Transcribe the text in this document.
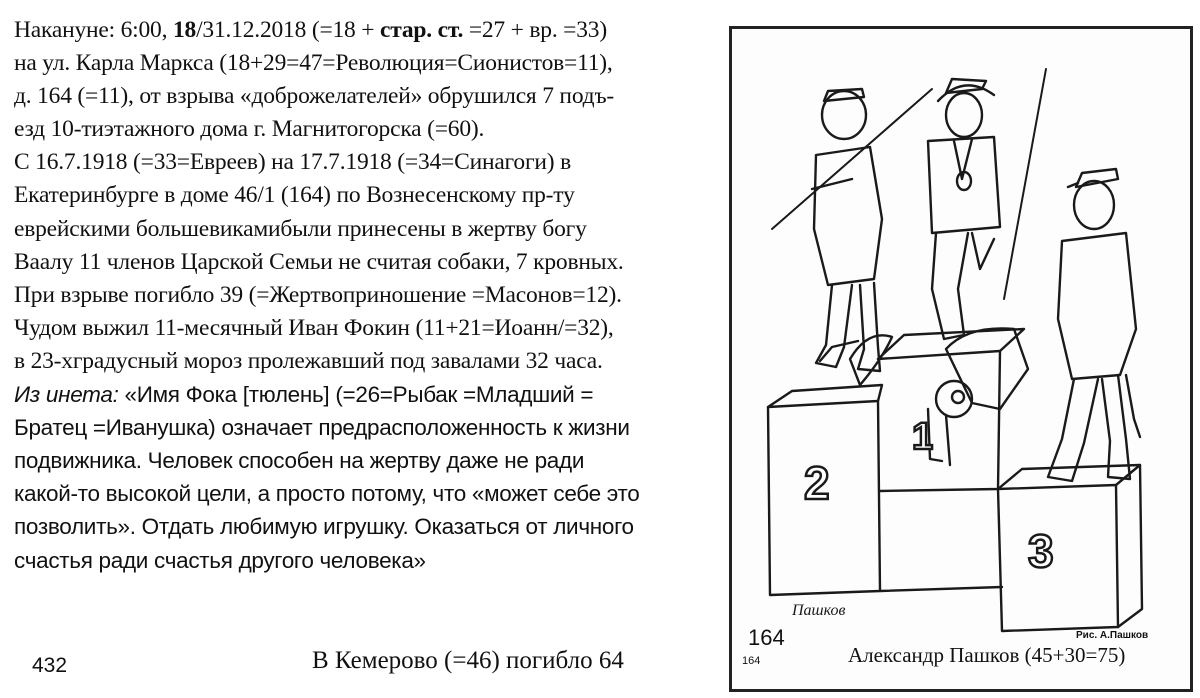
Накануне: 6:00, 18/31.12.2018 (=18 + стар. ст. =27 + вр. =33)
на ул. Карла Маркса (18+29=47=Революция=Сионистов=11),
д. 164 (=11), от взрыва «доброжелателей» обрушился 7 подъ-
езд 10-тиэтажного дома г. Магнитогорска (=60).
С 16.7.1918 (=33=Евреев) на 17.7.1918 (=34=Синагоги) в
Екатеринбурге в доме 46/1 (164) по Вознесенскому пр-ту
еврейскими большевикамибыли принесены в жертву богу
Ваалу 11 членов Царской Семьи не считая собаки, 7 кровных.
При взрыве погибло 39 (=Жертвоприношение =Масонов=12).
Чудом выжил 11-месячный Иван Фокин (11+21=Иоанн/=32),
в 23-хградусный мороз пролежавший под завалами 32 часа.
Из инета: «Имя Фока [тюлень] (=26=Рыбак =Младший =
Братец =Иванушка) означает предрасположенность к жизни
подвижника. Человек способен на жертву даже не ради
какой-то высокой цели, а просто потому, что «может себе это
позволить». Отдать любимую игрушку. Оказаться от личного
счастья ради счастья другого человека»
432	В Кемерово (=46) погибло 64
2
1
3
Пашков
164
164
Рис. А.Пашков
Александр Пашков (45+30=75)
